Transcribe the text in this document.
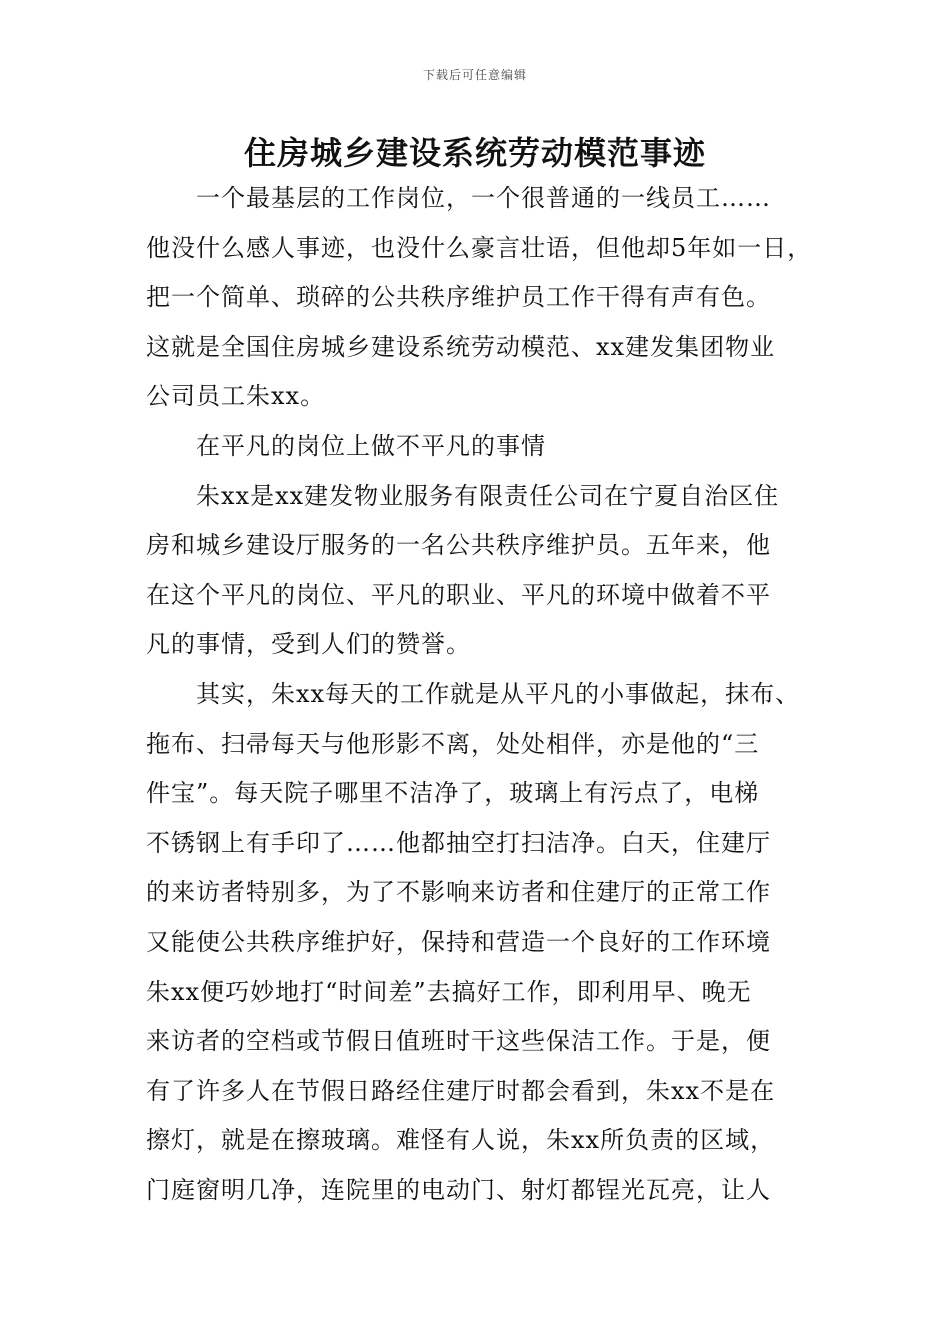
下载后可任意编辑
住房城乡建设系统劳动模范事迹
一个最基层的工作岗位，一个很普通的一线员工……
他没什么感人事迹，也没什么豪言壮语，但他却5年如一日，
把一个简单、琐碎的公共秩序维护员工作干得有声有色。
这就是全国住房城乡建设系统劳动模范、xx建发集团物业
公司员工朱xx。
在平凡的岗位上做不平凡的事情
朱xx是xx建发物业服务有限责任公司在宁夏自治区住
房和城乡建设厅服务的一名公共秩序维护员。五年来，他
在这个平凡的岗位、平凡的职业、平凡的环境中做着不平
凡的事情，受到人们的赞誉。
其实，朱xx每天的工作就是从平凡的小事做起，抹布、
拖布、扫帚每天与他形影不离，处处相伴，亦是他的“三
件宝”。每天院子哪里不洁净了，玻璃上有污点了，电梯
不锈钢上有手印了……他都抽空打扫洁净。白天，住建厅
的来访者特别多，为了不影响来访者和住建厅的正常工作
又能使公共秩序维护好，保持和营造一个良好的工作环境
朱xx便巧妙地打“时间差”去搞好工作，即利用早、晚无
来访者的空档或节假日值班时干这些保洁工作。于是，便
有了许多人在节假日路经住建厅时都会看到，朱xx不是在
擦灯，就是在擦玻璃。难怪有人说，朱xx所负责的区域，
门庭窗明几净，连院里的电动门、射灯都锃光瓦亮，让人
